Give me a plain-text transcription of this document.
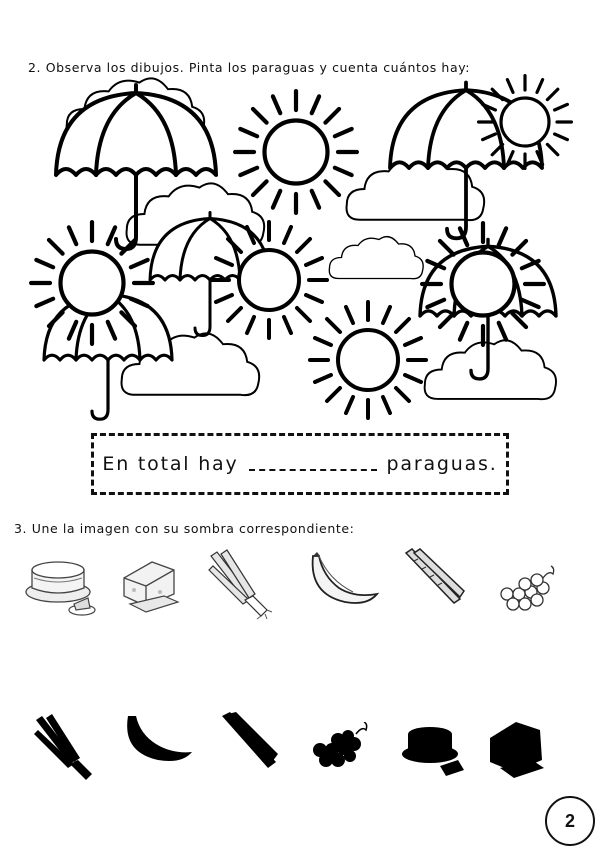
2. Observa los dibujos. Pinta los paraguas y cuenta cuántos hay:
En total hay	paraguas.
3. Une la imagen con su sombra correspondiente:
2
